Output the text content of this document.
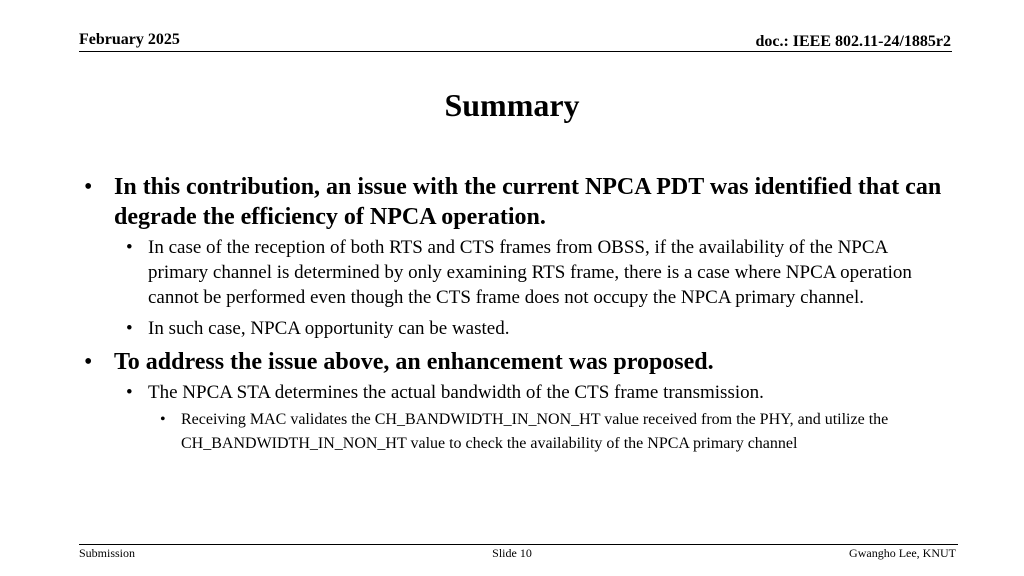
February 2025	doc.: IEEE 802.11-24/1885r2
Summary
• In this contribution, an issue with the current NPCA PDT was identified that can degrade the efficiency of NPCA operation.
• In case of the reception of both RTS and CTS frames from OBSS, if the availability of the NPCA primary channel is determined by only examining RTS frame, there is a case where NPCA operation cannot be performed even though the CTS frame does not occupy the NPCA primary channel.
• In such case, NPCA opportunity can be wasted.
• To address the issue above, an enhancement was proposed.
• The NPCA STA determines the actual bandwidth of the CTS frame transmission.
• Receiving MAC validates the CH_BANDWIDTH_IN_NON_HT value received from the PHY, and utilize the CH_BANDWIDTH_IN_NON_HT value to check the availability of the NPCA primary channel
Submission	Slide 10	Gwangho Lee, KNUT
